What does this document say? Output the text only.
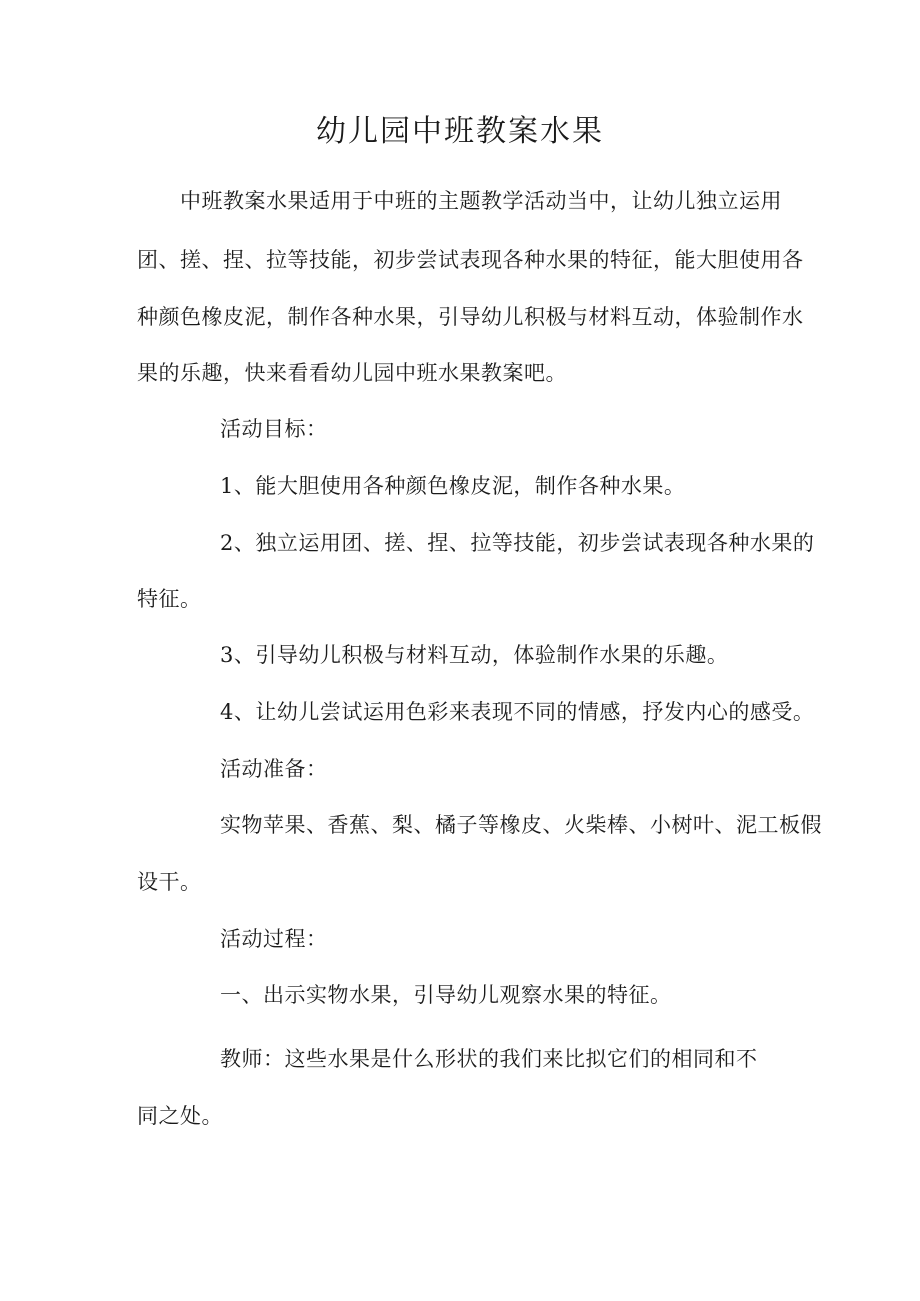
幼儿园中班教案水果
中班教案水果适用于中班的主题教学活动当中，让幼儿独立运用
团、搓、捏、拉等技能，初步尝试表现各种水果的特征，能大胆使用各
种颜色橡皮泥，制作各种水果，引导幼儿积极与材料互动，体验制作水
果的乐趣，快来看看幼儿园中班水果教案吧。
活动目标：
1、能大胆使用各种颜色橡皮泥，制作各种水果。
2、独立运用团、搓、捏、拉等技能，初步尝试表现各种水果的
特征。
3、引导幼儿积极与材料互动，体验制作水果的乐趣。
4、让幼儿尝试运用色彩来表现不同的情感，抒发内心的感受。
活动准备：
实物苹果、香蕉、梨、橘子等橡皮、火柴棒、小树叶、泥工板假
设干。
活动过程：
一、出示实物水果，引导幼儿观察水果的特征。
教师：这些水果是什么形状的我们来比拟它们的相同和不
同之处。
